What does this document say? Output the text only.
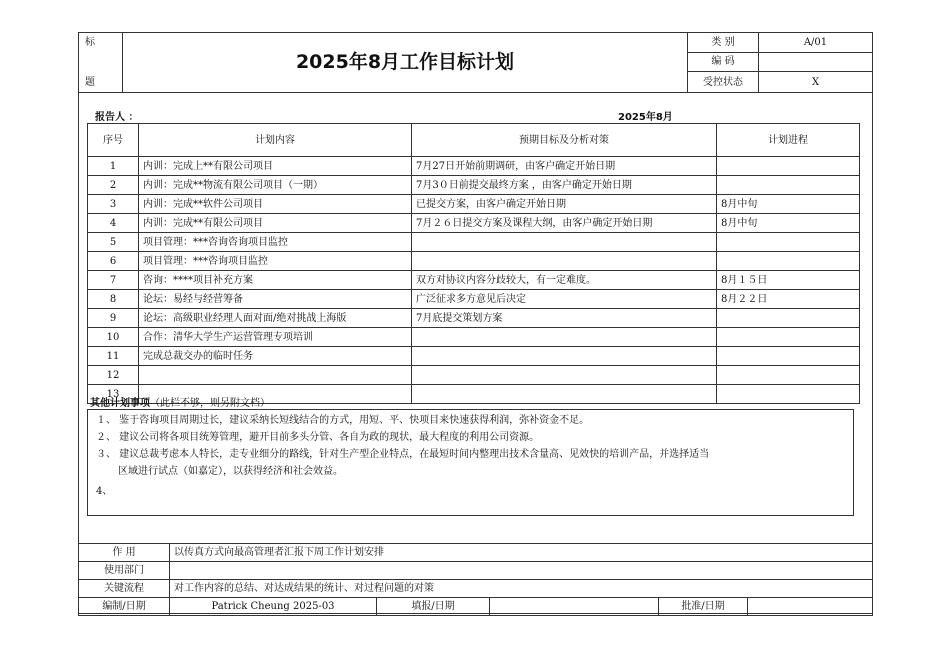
标
题	2025年8月工作目标计划	类 别	A/01
		编 码	
		受控状态	X
报告人 ：	2025年8月
序号	计划内容	预期目标及分析对策	计划进程
1	内训：完成上**有限公司项目	7月27日开始前期调研，由客户确定开始日期	
2	内训：完成**物流有限公司项目（一期）	7月3０日前提交最终方案 ，由客户确定开始日期	
3	内训：完成**软件公司项目	已提交方案，由客户确定开始日期	8月中旬
4	内训：完成**有限公司项目	7月２６日提交方案及课程大纲，由客户确定开始日期	8月中旬
5	项目管理：***咨询咨询项目监控		
6	项目管理：***咨询项目监控		
7	咨询：****项目补充方案	双方对协议内容分歧较大，有一定难度。	8月１５日
8	论坛：易经与经营筹备	广泛征求多方意见后决定	8月２２日
9	论坛：高级职业经理人面对面/绝对挑战上海版	7月底提交策划方案	
10	合作：清华大学生产运营管理专项培训		
11	完成总裁交办的临时任务		
12			
13			
其他计划事项（此栏不够，则另附文档）
１、 鉴于咨询项目周期过长，建议采纳长短线结合的方式，用短、平、快项目来快速获得利润，弥补资金不足。
２、 建议公司将各项目统筹管理，避开目前多头分管、各自为政的现状，最大程度的利用公司资源。
３、 建议总裁考虑本人特长，走专业细分的路线，针对生产型企业特点，在最短时间内整理出技术含量高、见效快的培训产品，并选择适当
区域进行试点（如嘉定），以获得经济和社会效益。
4、
作 用	以传真方式向最高管理者汇报下周工作计划安排				
使用部门					
关键流程	对工作内容的总结、对达成结果的统计、对过程问题的对策				
编制/日期	Patrick Cheung 2025-03	填报/日期		批准/日期	
